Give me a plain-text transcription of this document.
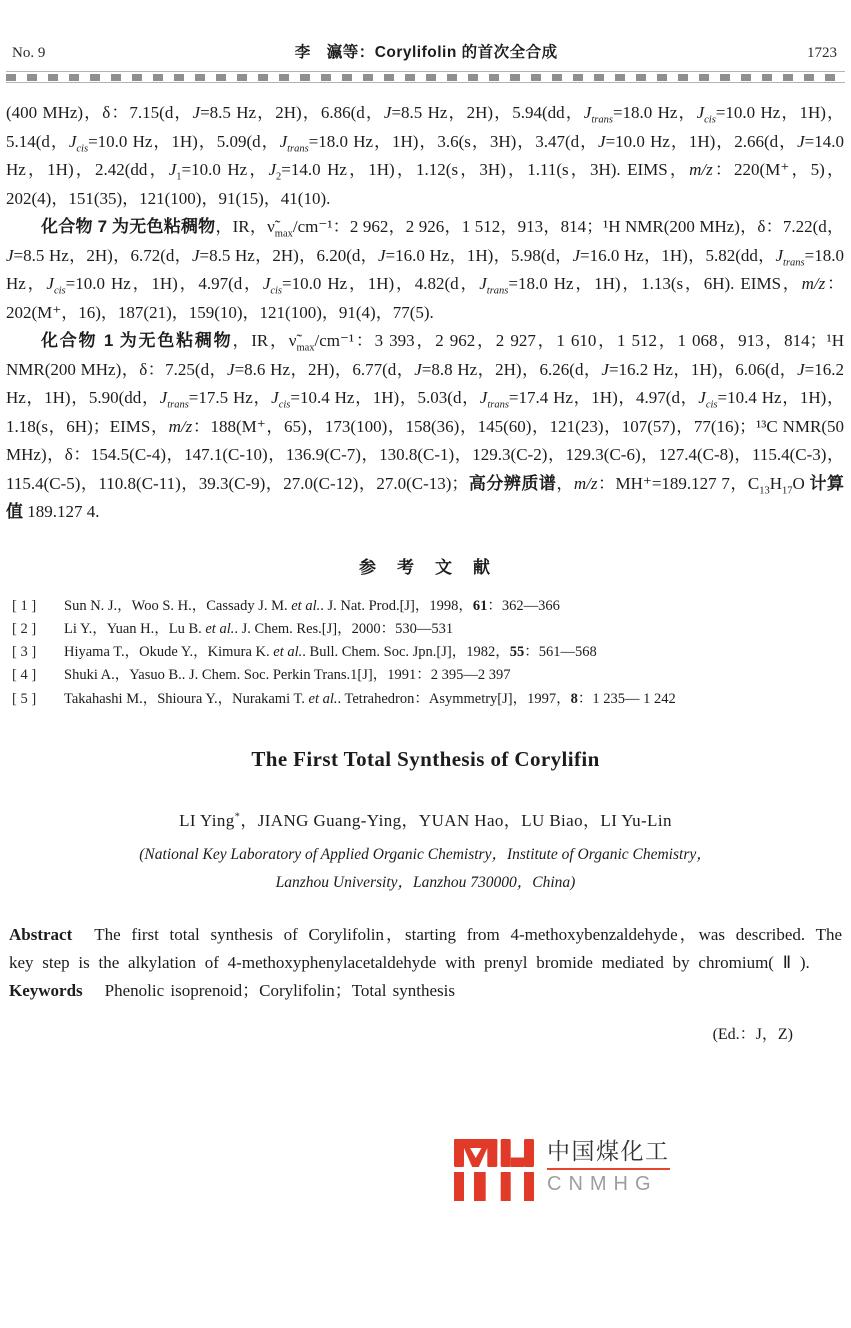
No. 9	李　瀛等：Corylifolin 的首次全合成	1723

(400 MHz)，δ：7.15(d，J=8.5 Hz，2H)，6.86(d，J=8.5 Hz，2H)，5.94(dd，$J_{trans}=18.0$ Hz，$J_{cis}=10.0$ Hz，1H)，5.14(d，$J_{cis}=10.0$ Hz，1H)，5.09(d，$J_{trans}=18.0$ Hz，1H)，3.6(s，3H)，3.47(d，J=10.0 Hz，1H)，2.66(d，J=14.0 Hz，1H)，2.42(dd，$J_1=10.0$ Hz，$J_2=14.0$ Hz，1H)，1.12(s，3H)，1.11(s，3H). EIMS，m/z：220(M⁺，5)，202(4)，151(35)，121(100)，91(15)，41(10).

化合物 7 为无色粘稠物，IR，$\nũ_{max}/cm^{-1}$：2 962，2 926，1 512，913，814；¹H NMR(200 MHz)，δ：7.22(d，J=8.5 Hz，2H)，6.72(d，J=8.5 Hz，2H)，6.20(d，J=16.0 Hz，1H)，5.98(d，J=16.0 Hz，1H)，5.82(dd，$J_{trans}=18.0$ Hz，$J_{cis}=10.0$ Hz，1H)，4.97(d，$J_{cis}=10.0$ Hz，1H)，4.82(d，$J_{trans}=18.0$ Hz，1H)，1.13(s，6H). EIMS，m/z：202(M⁺，16)，187(21)，159(10)，121(100)，91(4)，77(5).

化合物 1 为无色粘稠物，IR，$\nũ_{max}/cm^{-1}$：3 393，2 962，2 927，1 610，1 512，1 068，913，814；¹H NMR(200 MHz)，δ：7.25(d，J=8.6 Hz，2H)，6.77(d，J=8.8 Hz，2H)，6.26(d，J=16.2 Hz，1H)，6.06(d，J=16.2 Hz，1H)，5.90(dd，$J_{trans}=17.5$ Hz，$J_{cis}=10.4$ Hz，1H)，5.03(d，$J_{trans}=17.4$ Hz，1H)，4.97(d，$J_{cis}=10.4$ Hz，1H)，1.18(s，6H)；EIMS，m/z：188(M⁺，65)，173(100)，158(36)，145(60)，121(23)，107(57)，77(16)；¹³C NMR(50 MHz)，δ：154.5(C-4)，147.1(C-10)，136.9(C-7)，130.8(C-1)，129.3(C-2)，129.3(C-6)，127.4(C-8)，115.4(C-3)，115.4(C-5)，110.8(C-11)，39.3(C-9)，27.0(C-12)，27.0(C-13)；高分辨质谱，m/z：MH⁺=189.127 7，$C_{13}H_{17}O$ 计算值 189.127 4.

参　考　文　献
[ 1 ]	Sun N. J.，Woo S. H.，Cassady J. M. et al.. J. Nat. Prod.[J]，1998，61：362—366
[ 2 ]	Li Y.，Yuan H.，Lu B. et al.. J. Chem. Res.[J]，2000：530—531
[ 3 ]	Hiyama T.，Okude Y.，Kimura K. et al.. Bull. Chem. Soc. Jpn.[J]，1982，55：561—568
[ 4 ]	Shuki A.，Yasuo B.. J. Chem. Soc. Perkin Trans.1[J]，1991：2 395—2 397
[ 5 ]	Takahashi M.，Shioura Y.，Nurakami T. et al.. Tetrahedron：Asymmetry[J]，1997，8：1 235— 1 242
The First Total Synthesis of Corylifin
LI Ying*，JIANG Guang-Ying，YUAN Hao，LU Biao，LI Yu-Lin
(National Key Laboratory of Applied Organic Chemistry，Institute of Organic Chemistry，
Lanzhou University，Lanzhou 730000，China)

Abstract The first total synthesis of Corylifolin，starting from 4-methoxybenzaldehyde，was described. The key step is the alkylation of 4-methoxyphenylacetaldehyde with prenyl bromide mediated by chromium( Ⅱ ).

Keywords Phenolic isoprenoid；Corylifolin；Total synthesis
(Ed.：J，Z)
中国煤化工
CNMHG
